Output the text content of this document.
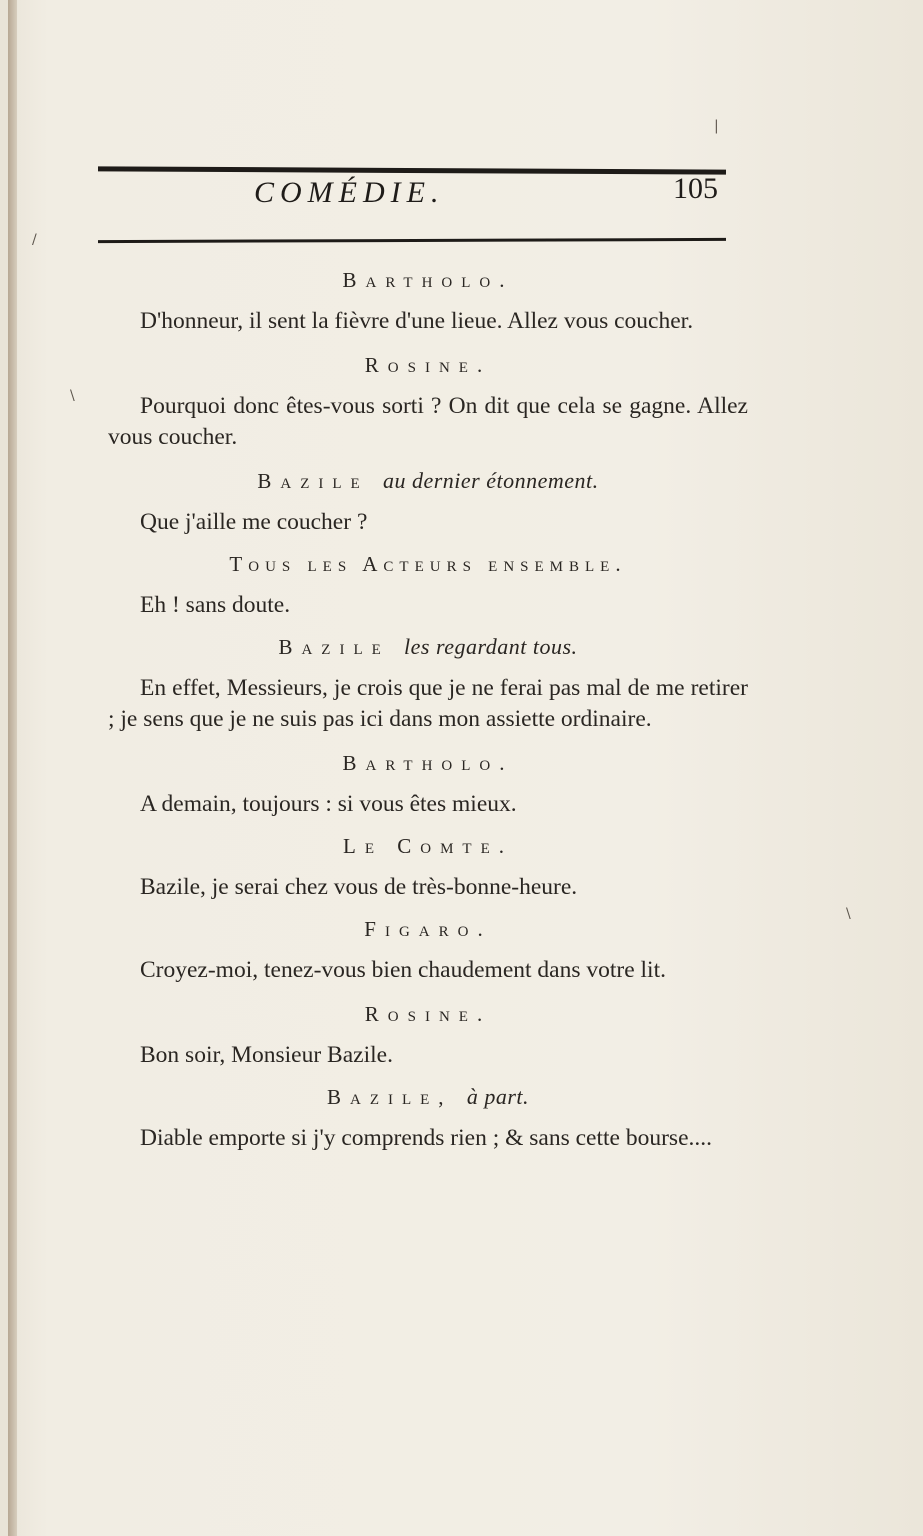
COMÉDIE.	105
Bartholo.

D'honneur, il sent la fièvre d'une lieue. Allez vous coucher.

Rosine.

Pourquoi donc êtes-vous sorti ? On dit que cela se gagne. Allez vous coucher.

Bazile au dernier étonnement.

Que j'aille me coucher ?

Tous les Acteurs ensemble.

Eh ! sans doute.

Bazile les regardant tous.

En effet, Messieurs, je crois que je ne ferai pas mal de me retirer ; je sens que je ne suis pas ici dans mon assiette ordinaire.

Bartholo.

A demain, toujours : si vous êtes mieux.

Le Comte.

Bazile, je serai chez vous de très-bonne-heure.

Figaro.

Croyez-moi, tenez-vous bien chaudement dans votre lit.

Rosine.

Bon soir, Monsieur Bazile.

Bazile, à part.

Diable emporte si j'y comprends rien ; & sans cette bourse....

/
\
\
|
